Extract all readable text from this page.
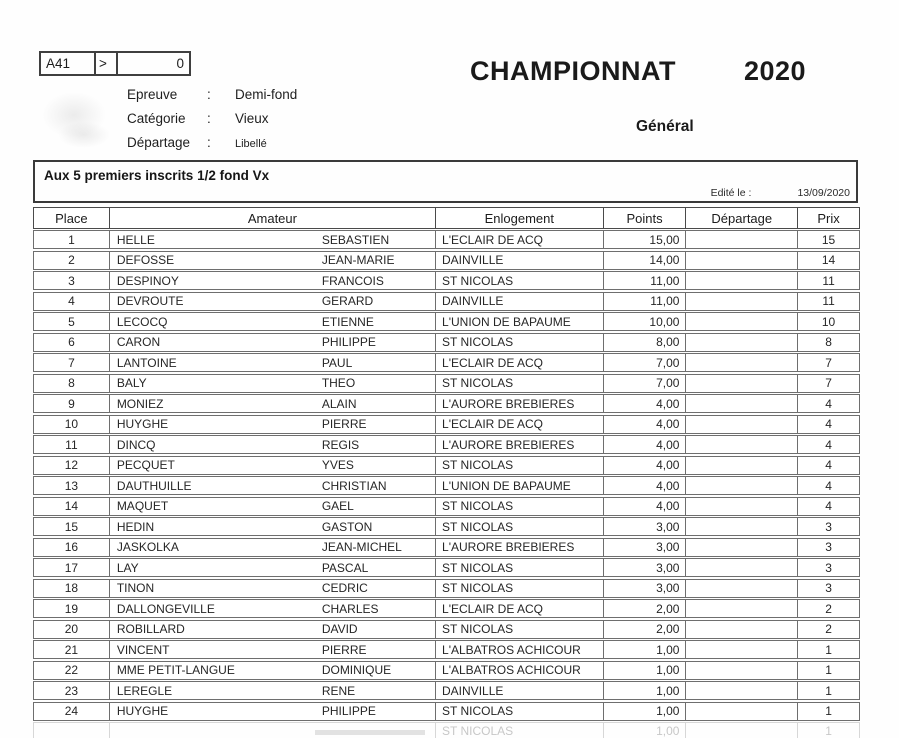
A41	>	0
Epreuve : Demi-fond
Catégorie : Vieux
Départage : Libellé
CHAMPIONNAT	2020
Général
Aux 5 premiers inscrits 1/2 fond Vx
Edité le :	13/09/2020
Place	Amateur	Enlogement	Points	Départage	Prix
1	HELLE	SEBASTIEN	L'ECLAIR DE ACQ	15,00	15
2	DEFOSSE	JEAN-MARIE	DAINVILLE	14,00	14
3	DESPINOY	FRANCOIS	ST NICOLAS	11,00	11
4	DEVROUTE	GERARD	DAINVILLE	11,00	11
5	LECOCQ	ETIENNE	L'UNION DE BAPAUME	10,00	10
6	CARON	PHILIPPE	ST NICOLAS	8,00	8
7	LANTOINE	PAUL	L'ECLAIR DE ACQ	7,00	7
8	BALY	THEO	ST NICOLAS	7,00	7
9	MONIEZ	ALAIN	L'AURORE BREBIERES	4,00	4
10	HUYGHE	PIERRE	L'ECLAIR DE ACQ	4,00	4
11	DINCQ	REGIS	L'AURORE BREBIERES	4,00	4
12	PECQUET	YVES	ST NICOLAS	4,00	4
13	DAUTHUILLE	CHRISTIAN	L'UNION DE BAPAUME	4,00	4
14	MAQUET	GAEL	ST NICOLAS	4,00	4
15	HEDIN	GASTON	ST NICOLAS	3,00	3
16	JASKOLKA	JEAN-MICHEL	L'AURORE BREBIERES	3,00	3
17	LAY	PASCAL	ST NICOLAS	3,00	3
18	TINON	CEDRIC	ST NICOLAS	3,00	3
19	DALLONGEVILLE	CHARLES	L'ECLAIR DE ACQ	2,00	2
20	ROBILLARD	DAVID	ST NICOLAS	2,00	2
21	VINCENT	PIERRE	L'ALBATROS ACHICOUR	1,00	1
22	MME PETIT-LANGUE	DOMINIQUE	L'ALBATROS ACHICOUR	1,00	1
23	LEREGLE	RENE	DAINVILLE	1,00	1
24	HUYGHE	PHILIPPE	ST NICOLAS	1,00	1
ST NICOLAS	1,00	1
